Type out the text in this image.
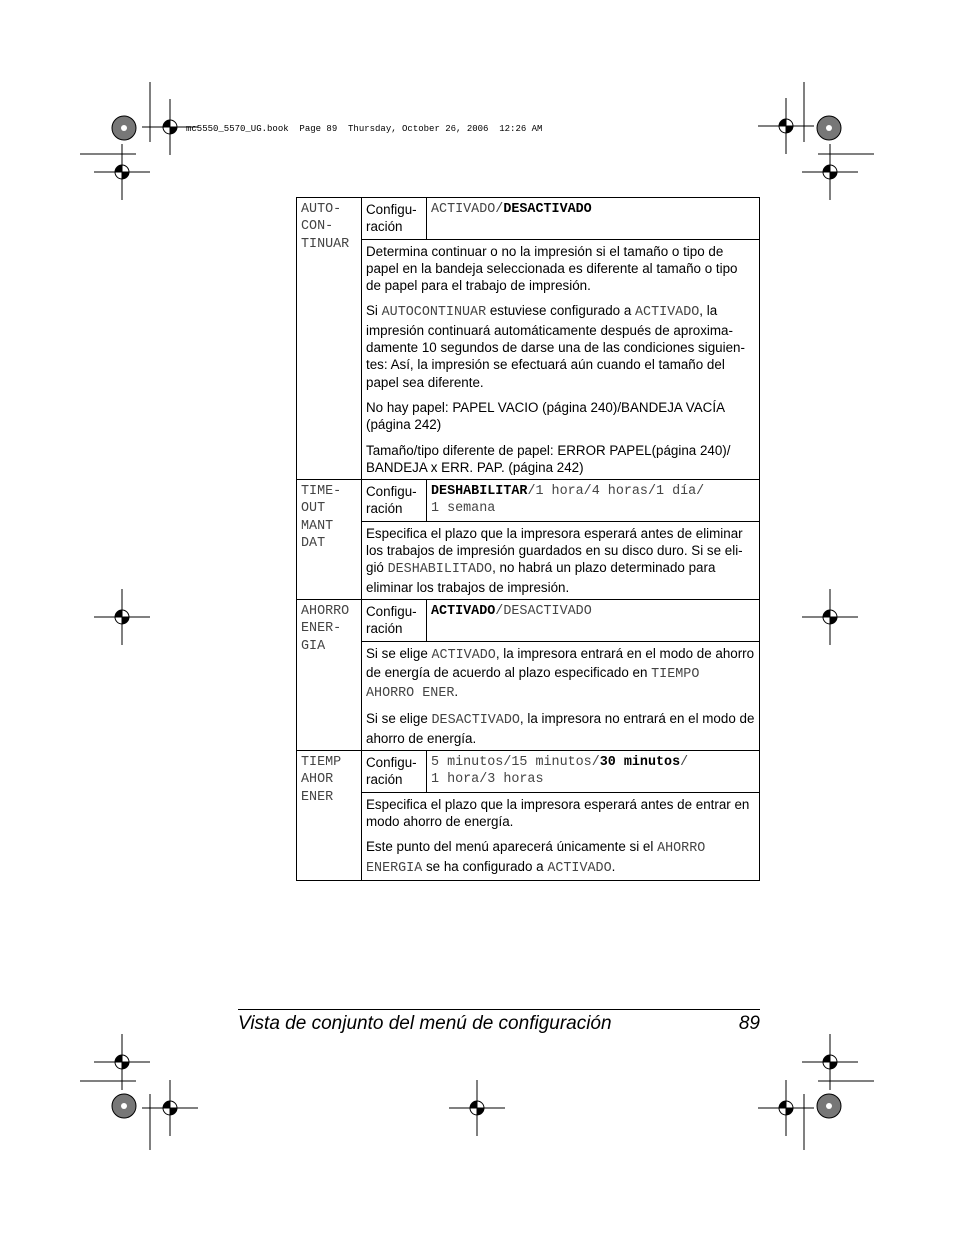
mc5550_5570_UG.book  Page 89  Thursday, October 26, 2006  12:26 AM
AUTO-
CON-
TINUAR	Configu-
ración	ACTIVADO/DESACTIVADO

	Determina continuar o no la impresión si el tamaño o tipo de papel en la bandeja seleccionada es diferente al tamaño o tipo de papel para el trabajo de impresión.

Si AUTOCONTINUAR estuviese configurado a ACTIVADO, la impresión continuará automáticamente después de aproxima-damente 10 segundos de darse una de las condiciones siguien-tes: Así, la impresión se efectuará aún cuando el tamaño del papel sea diferente.

No hay papel: PAPEL VACIO (página 240)/BANDEJA VACÍA (página 242)

Tamaño/tipo diferente de papel: ERROR PAPEL(página 240)/ BANDEJA x ERR. PAP. (página 242)	

TIME-
OUT
MANT
DAT	Configu-
ración	DESHABILITAR/1 hora/4 horas/1 día/
1 semana

	Especifica el plazo que la impresora esperará antes de eliminar los trabajos de impresión guardados en su disco duro. Si se eli-gió DESHABILITADO, no habrá un plazo determinado para eliminar los trabajos de impresión.	

AHORRO
ENER-
GIA	Configu-
ración	ACTIVADO/DESACTIVADO

	Si se elige ACTIVADO, la impresora entrará en el modo de ahorro de energía de acuerdo al plazo especificado en TIEMPO AHORRO ENER.

Si se elige DESACTIVADO, la impresora no entrará en el modo de ahorro de energía.	

TIEMP
AHOR
ENER	Configu-
ración	5 minutos/15 minutos/30 minutos/
1 hora/3 horas

	Especifica el plazo que la impresora esperará antes de entrar en modo ahorro de energía.

Este punto del menú aparecerá únicamente si el AHORRO ENERGIA se ha configurado a ACTIVADO.	

Vista de conjunto del menú de configuración	89
